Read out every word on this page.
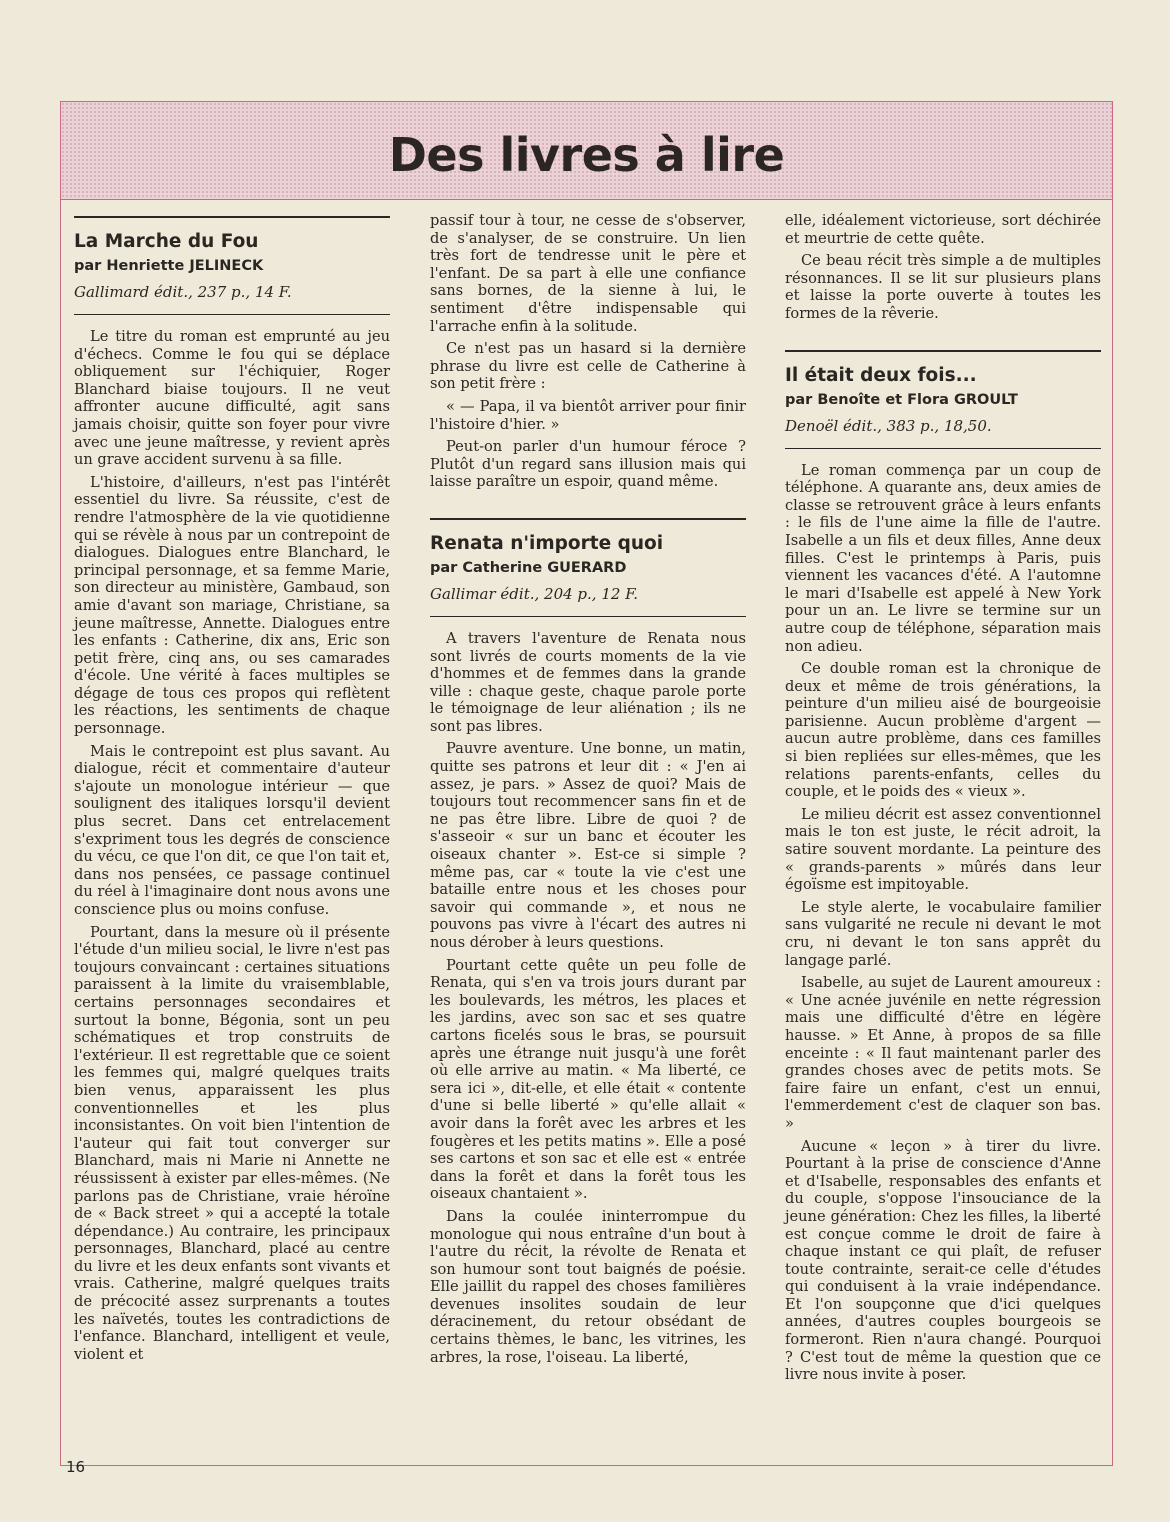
Des livres à lire
La Marche du Fou
par Henriette JELINECK
Gallimard édit., 237 p., 14 F.

Le titre du roman est emprunté au jeu d'échecs. Comme le fou qui se déplace obliquement sur l'échiquier, Roger Blanchard biaise toujours. Il ne veut affronter aucune difficulté, agit sans jamais choisir, quitte son foyer pour vivre avec une jeune maîtresse, y revient après un grave accident survenu à sa fille.

L'histoire, d'ailleurs, n'est pas l'intérêt essentiel du livre. Sa réussite, c'est de rendre l'atmosphère de la vie quotidienne qui se révèle à nous par un contrepoint de dialogues. Dialogues entre Blanchard, le principal personnage, et sa femme Marie, son directeur au ministère, Gambaud, son amie d'avant son mariage, Christiane, sa jeune maîtresse, Annette. Dialogues entre les enfants : Catherine, dix ans, Eric son petit frère, cinq ans, ou ses camarades d'école. Une vérité à faces multiples se dégage de tous ces propos qui reflètent les réactions, les sentiments de chaque personnage.

Mais le contrepoint est plus savant. Au dialogue, récit et commentaire d'auteur s'ajoute un monologue intérieur — que soulignent des italiques lorsqu'il devient plus secret. Dans cet entrelacement s'expriment tous les degrés de conscience du vécu, ce que l'on dit, ce que l'on tait et, dans nos pensées, ce passage continuel du réel à l'imaginaire dont nous avons une conscience plus ou moins confuse.

Pourtant, dans la mesure où il présente l'étude d'un milieu social, le livre n'est pas toujours convaincant : certaines situations paraissent à la limite du vraisemblable, certains personnages secondaires et surtout la bonne, Bégonia, sont un peu schématiques et trop construits de l'extérieur. Il est regrettable que ce soient les femmes qui, malgré quelques traits bien venus, apparaissent les plus conventionnelles et les plus inconsistantes. On voit bien l'intention de l'auteur qui fait tout converger sur Blanchard, mais ni Marie ni Annette ne réussissent à exister par elles-mêmes. (Ne parlons pas de Christiane, vraie héroïne de « Back street » qui a accepté la totale dépendance.) Au contraire, les principaux personnages, Blanchard, placé au centre du livre et les deux enfants sont vivants et vrais. Catherine, malgré quelques traits de précocité assez surprenants a toutes les naïvetés, toutes les contradictions de l'enfance. Blanchard, intelligent et veule, violent et

passif tour à tour, ne cesse de s'observer, de s'analyser, de se construire. Un lien très fort de tendresse unit le père et l'enfant. De sa part à elle une confiance sans bornes, de la sienne à lui, le sentiment d'être indispensable qui l'arrache enfin à la solitude.

Ce n'est pas un hasard si la dernière phrase du livre est celle de Catherine à son petit frère :

« — Papa, il va bientôt arriver pour finir l'histoire d'hier. »

Peut-on parler d'un humour féroce ? Plutôt d'un regard sans illusion mais qui laisse paraître un espoir, quand même.

Renata n'importe quoi
par Catherine GUERARD
Gallimar édit., 204 p., 12 F.

A travers l'aventure de Renata nous sont livrés de courts moments de la vie d'hommes et de femmes dans la grande ville : chaque geste, chaque parole porte le témoignage de leur aliénation ; ils ne sont pas libres.

Pauvre aventure. Une bonne, un matin, quitte ses patrons et leur dit : « J'en ai assez, je pars. » Assez de quoi? Mais de toujours tout recommencer sans fin et de ne pas être libre. Libre de quoi ? de s'asseoir « sur un banc et écouter les oiseaux chanter ». Est-ce si simple ? même pas, car « toute la vie c'est une bataille entre nous et les choses pour savoir qui commande », et nous ne pouvons pas vivre à l'écart des autres ni nous dérober à leurs questions.

Pourtant cette quête un peu folle de Renata, qui s'en va trois jours durant par les boulevards, les métros, les places et les jardins, avec son sac et ses quatre cartons ficelés sous le bras, se poursuit après une étrange nuit jusqu'à une forêt où elle arrive au matin. « Ma liberté, ce sera ici », dit-elle, et elle était « contente d'une si belle liberté » qu'elle allait « avoir dans la forêt avec les arbres et les fougères et les petits matins ». Elle a posé ses cartons et son sac et elle est « entrée dans la forêt et dans la forêt tous les oiseaux chantaient ».

Dans la coulée ininterrompue du monologue qui nous entraîne d'un bout à l'autre du récit, la révolte de Renata et son humour sont tout baignés de poésie. Elle jaillit du rappel des choses familières devenues insolites soudain de leur déracinement, du retour obsédant de certains thèmes, le banc, les vitrines, les arbres, la rose, l'oiseau. La liberté,

elle, idéalement victorieuse, sort déchirée et meurtrie de cette quête.

Ce beau récit très simple a de multiples résonnances. Il se lit sur plusieurs plans et laisse la porte ouverte à toutes les formes de la rêverie.

Il était deux fois...
par Benoîte et Flora GROULT
Denoël édit., 383 p., 18,50.

Le roman commença par un coup de téléphone. A quarante ans, deux amies de classe se retrouvent grâce à leurs enfants : le fils de l'une aime la fille de l'autre. Isabelle a un fils et deux filles, Anne deux filles. C'est le printemps à Paris, puis viennent les vacances d'été. A l'automne le mari d'Isabelle est appelé à New York pour un an. Le livre se termine sur un autre coup de téléphone, séparation mais non adieu.

Ce double roman est la chronique de deux et même de trois générations, la peinture d'un milieu aisé de bourgeoisie parisienne. Aucun problème d'argent — aucun autre problème, dans ces familles si bien repliées sur elles-mêmes, que les relations parents-enfants, celles du couple, et le poids des « vieux ».

Le milieu décrit est assez conventionnel mais le ton est juste, le récit adroit, la satire souvent mordante. La peinture des « grands-parents » mûrés dans leur égoïsme est impitoyable.

Le style alerte, le vocabulaire familier sans vulgarité ne recule ni devant le mot cru, ni devant le ton sans apprêt du langage parlé.

Isabelle, au sujet de Laurent amoureux : « Une acnée juvénile en nette régression mais une difficulté d'être en légère hausse. » Et Anne, à propos de sa fille enceinte : « Il faut maintenant parler des grandes choses avec de petits mots. Se faire faire un enfant, c'est un ennui, l'emmerdement c'est de claquer son bas. »

Aucune « leçon » à tirer du livre. Pourtant à la prise de conscience d'Anne et d'Isabelle, responsables des enfants et du couple, s'oppose l'insouciance de la jeune génération: Chez les filles, la liberté est conçue comme le droit de faire à chaque instant ce qui plaît, de refuser toute contrainte, serait-ce celle d'études qui conduisent à la vraie indépendance. Et l'on soupçonne que d'ici quelques années, d'autres couples bourgeois se formeront. Rien n'aura changé. Pourquoi ? C'est tout de même la question que ce livre nous invite à poser.

16
